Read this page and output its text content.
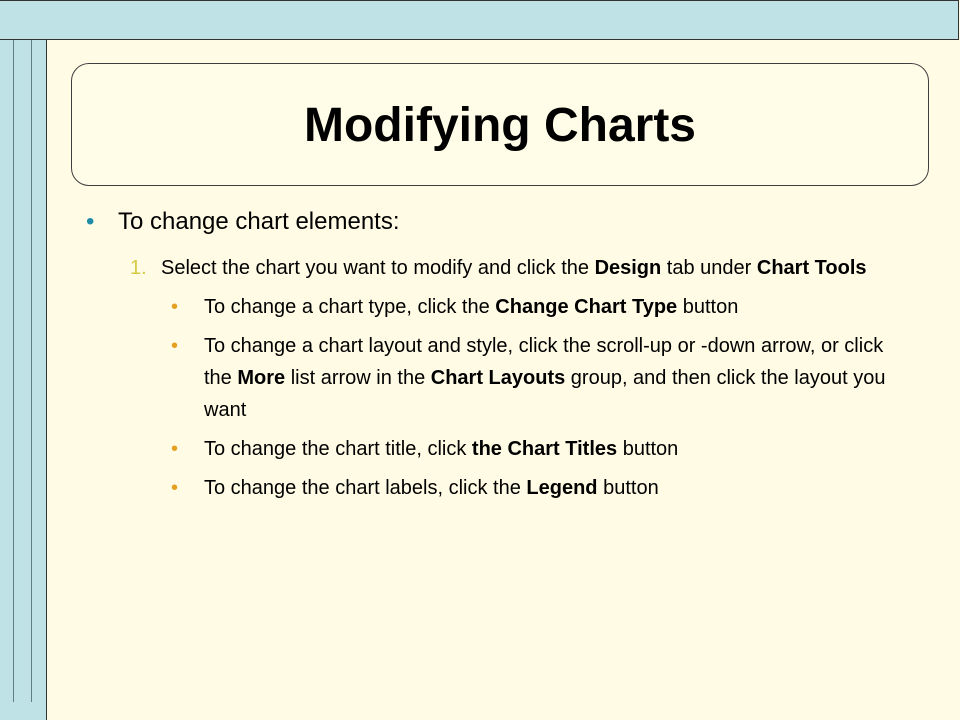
Modifying Charts

• To change chart elements:

1. Select the chart you want to modify and click the Design tab under Chart Tools

• To change a chart type, click the Change Chart Type button

• To change a chart layout and style, click the scroll-up or -down arrow, or click the More list arrow in the Chart Layouts group, and then click the layout you want

• To change the chart title, click the Chart Titles button

• To change the chart labels, click the Legend button
